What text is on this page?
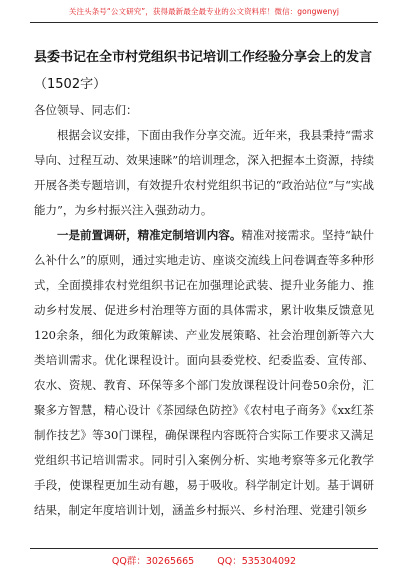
关注头条号“公文研究”，获得最新最全最专业的公文资料库！微信：gongwenyj

县委书记在全市村党组织书记培训工作经验分享会上的发言（1502字）

各位领导、同志们：

根据会议安排，下面由我作分享交流。近年来，我县秉持“需求导向、过程互动、效果速眯”的培训理念，深入把握本土资源，持续开展各类专题培训，有效提升农村党组织书记的“政治站位”与“实战能力”，为乡村振兴注入强劲动力。

一是前置调研，精准定制培训内容。精准对接需求。坚持“缺什么补什么”的原则，通过实地走访、座谈交流线上问卷调查等多种形式，全面摸排农村党组织书记在加强理论武装、提升业务能力、推动乡村发展、促进乡村治理等方面的具体需求，累计收集反馈意见120余条，细化为政策解读、产业发展策略、社会治理创新等六大类培训需求。优化课程设计。面向县委党校、纪委监委、宣传部、农水、资规、教育、环保等多个部门发放课程设计问卷50余份，汇聚多方智慧，精心设计《茶园绿色防控》《农村电子商务》《xx红茶制作技艺》等30门课程，确保课程内容既符合实际工作要求又满足党组织书记培训需求。同时引入案例分析、实地考察等多元化教学手段，使课程更加生动有趣，易于吸收。科学制定计划。基于调研结果，制定年度培训计划，涵盖乡村振兴、乡村治理、党建引领乡

QQ群：30265665 QQ：535304092
